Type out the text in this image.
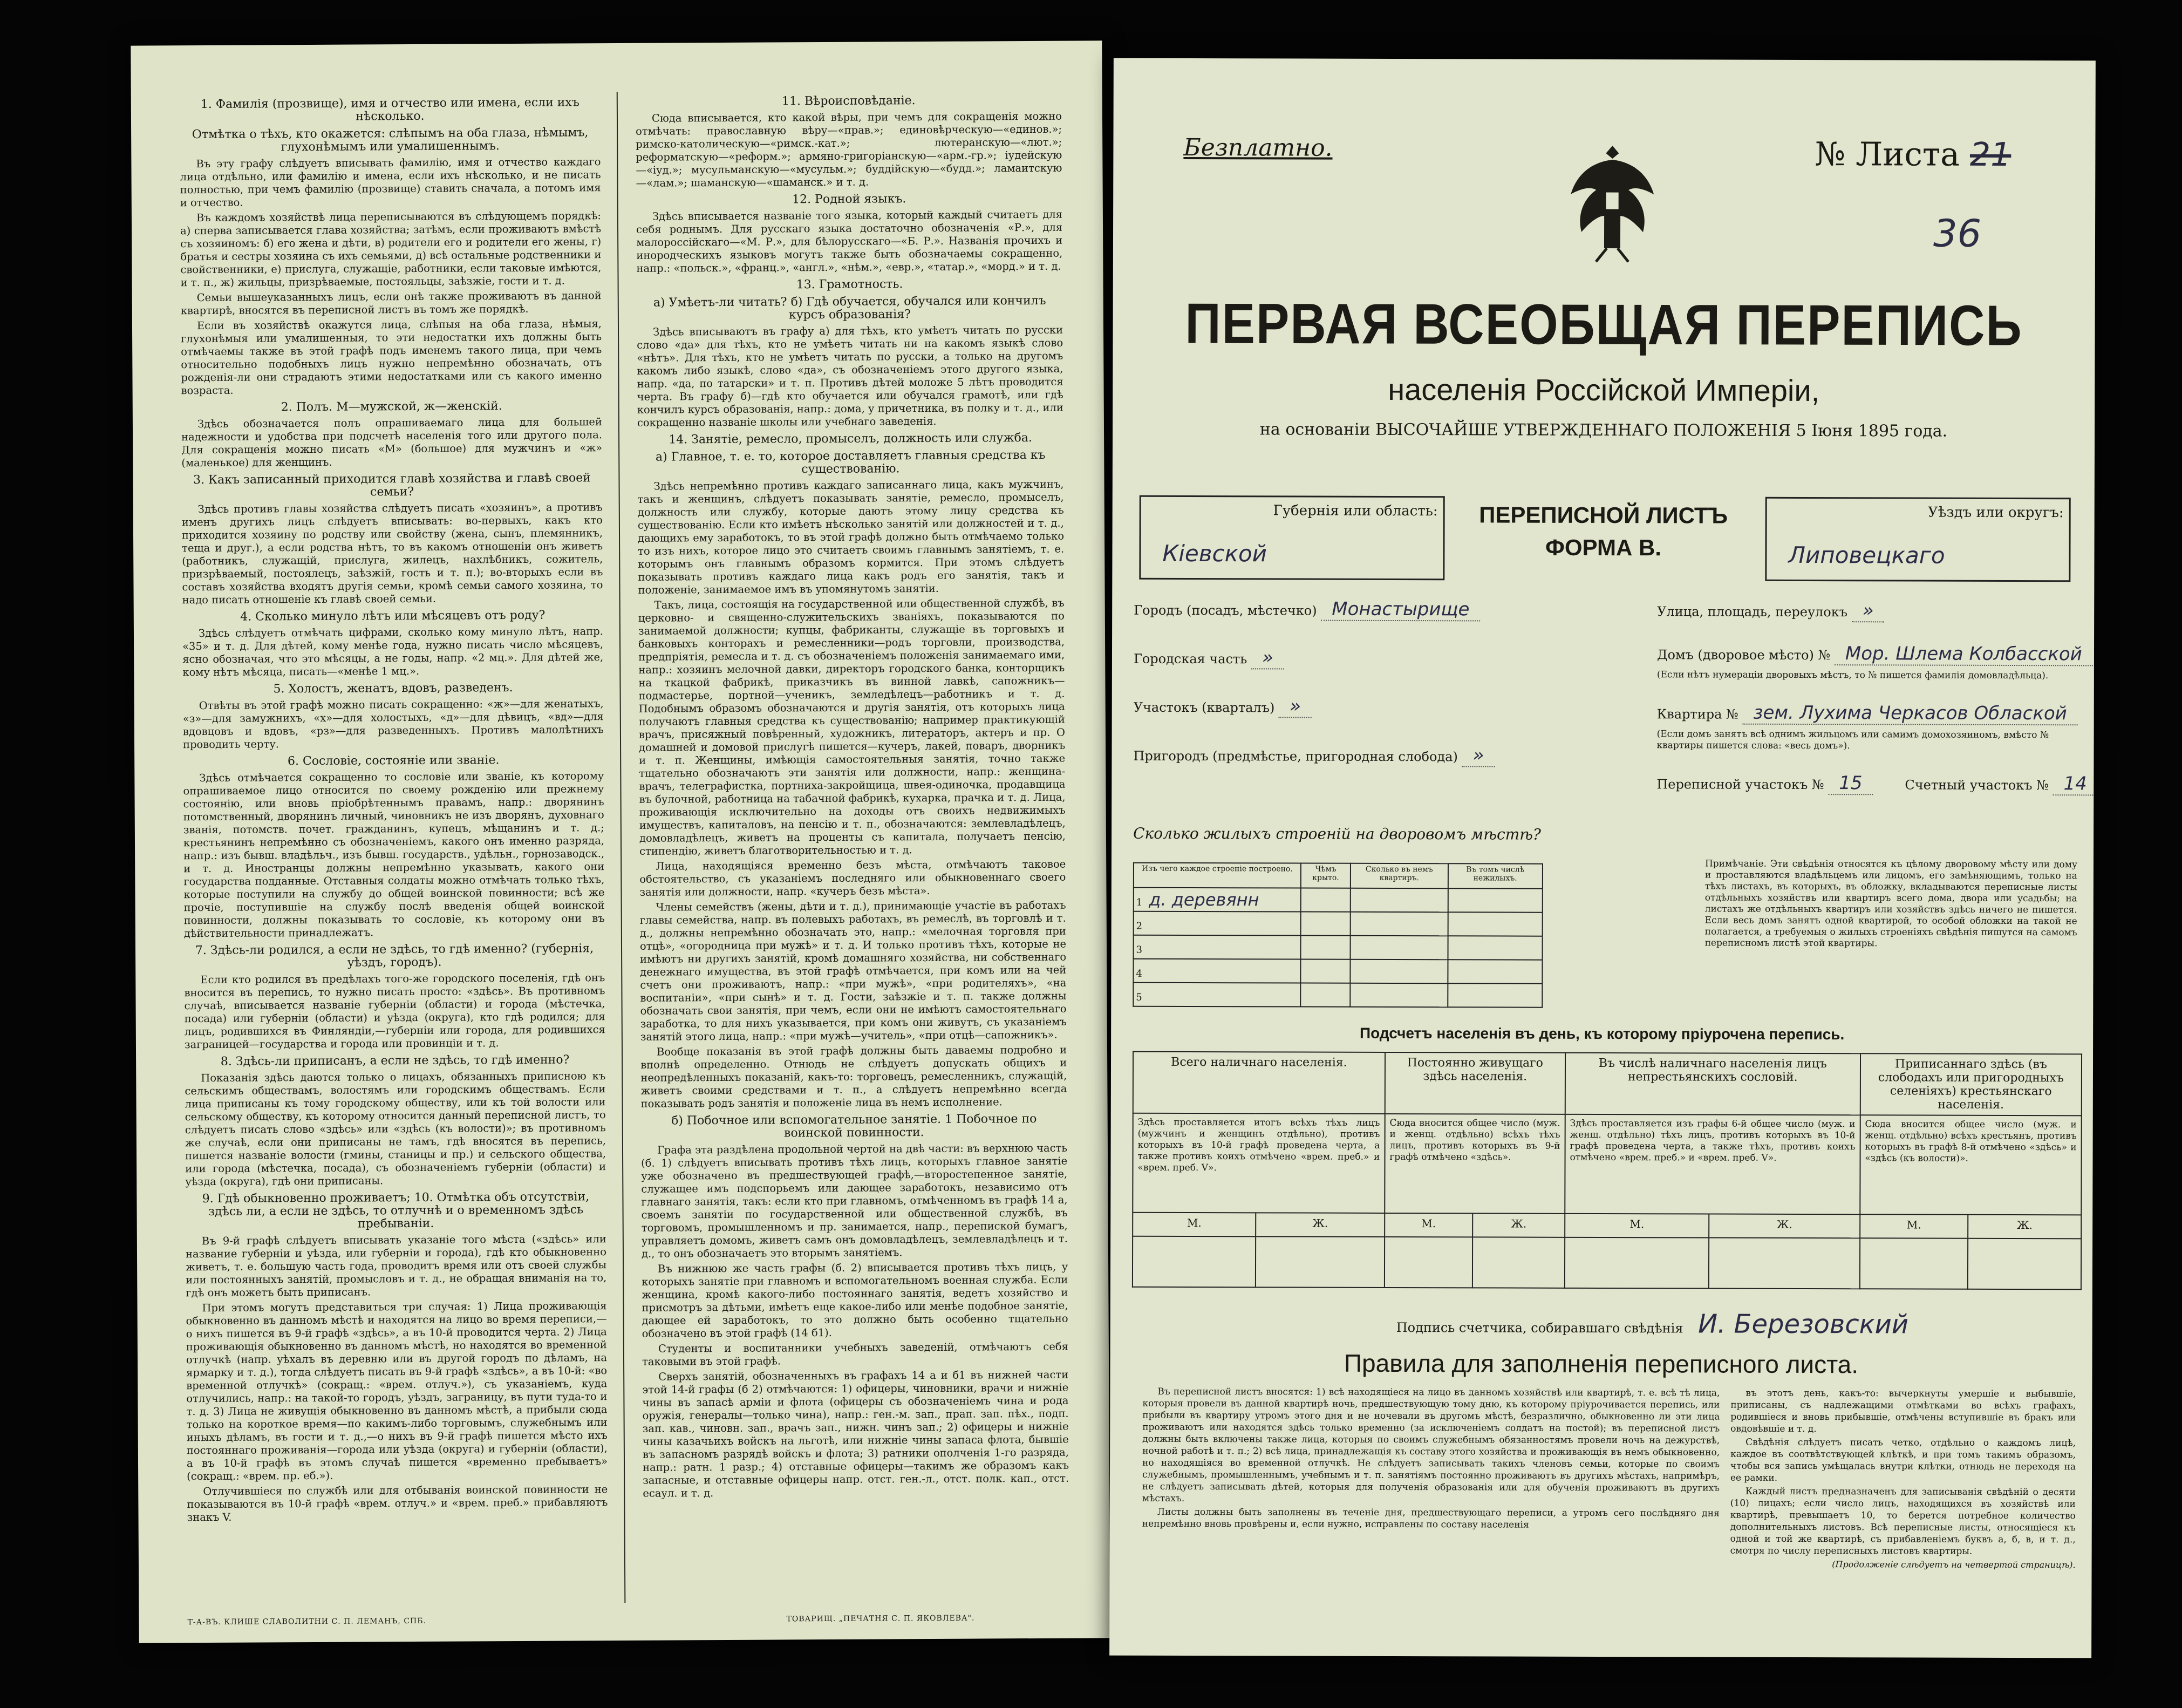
1. Фамилія (прозвище), имя и отчество или имена, если ихъ нѣсколько.
Отмѣтка о тѣхъ, кто окажется: слѣпымъ на оба глаза, нѣмымъ, глухонѣмымъ или умалишеннымъ.

Въ эту графу слѣдуетъ вписывать фамилію, имя и отчество каждаго лица отдѣльно, или фамилію и имена, если ихъ нѣсколько, и не писать полностью, при чемъ фамилію (прозвище) ставить сначала, а потомъ имя и отчество.

Въ каждомъ хозяйствѣ лица переписываются въ слѣдующемъ порядкѣ: а) сперва записывается глава хозяйства; затѣмъ, если проживаютъ вмѣстѣ съ хозяиномъ: б) его жена и дѣти, в) родители его и родители его жены, г) братья и сестры хозяина съ ихъ семьями, д) всѣ остальные родственники и свойственники, е) прислуга, служащіе, работники, если таковые имѣются, и т. п., ж) жильцы, призрѣваемые, постояльцы, заѣзжіе, гости и т. д.

Семьи вышеуказанныхъ лицъ, если онѣ также проживаютъ въ данной квартирѣ, вносятся въ переписной листъ въ томъ же порядкѣ.

Если въ хозяйствѣ окажутся лица, слѣпыя на оба глаза, нѣмыя, глухонѣмыя или умалишенныя, то эти недостатки ихъ должны быть отмѣчаемы также въ этой графѣ подъ именемъ такого лица, при чемъ относительно подобныхъ лицъ нужно непремѣнно обозначать, отъ рожденія-ли они страдаютъ этими недостатками или съ какого именно возраста.

2. Полъ. М—мужской, ж—женскій.

Здѣсь обозначается полъ опрашиваемаго лица для большей надежности и удобства при подсчетѣ населенія того или другого пола. Для сокращенія можно писать «М» (большое) для мужчинъ и «ж» (маленькое) для женщинъ.

3. Какъ записанный приходится главѣ хозяйства и главѣ своей семьи?

Здѣсь противъ главы хозяйства слѣдуетъ писать «хозяинъ», а противъ именъ другихъ лицъ слѣдуетъ вписывать: во-первыхъ, какъ кто приходится хозяину по родству или свойству (жена, сынъ, племянникъ, теща и друг.), а если родства нѣтъ, то въ какомъ отношеніи онъ живетъ (работникъ, служащій, прислуга, жилецъ, нахлѣбникъ, сожитель, призрѣваемый, постоялецъ, заѣзжій, гость и т. п.); во-вторыхъ если въ составъ хозяйства входятъ другія семьи, кромѣ семьи самого хозяина, то надо писать отношеніе къ главѣ своей семьи.

4. Сколько минуло лѣтъ или мѣсяцевъ отъ роду?

Здѣсь слѣдуетъ отмѣчать цифрами, сколько кому минуло лѣтъ, напр. «35» и т. д. Для дѣтей, кому менѣе года, нужно писать число мѣсяцевъ, ясно обозначая, что это мѣсяцы, а не годы, напр. «2 мц.». Для дѣтей же, кому нѣтъ мѣсяца, писать—«менѣе 1 мц.».

5. Холостъ, женатъ, вдовъ, разведенъ.

Отвѣты въ этой графѣ можно писать сокращенно: «ж»—для женатыхъ, «з»—для замужнихъ, «х»—для холостыхъ, «д»—для дѣвицъ, «вд»—для вдовцовъ и вдовъ, «рз»—для разведенныхъ. Противъ малолѣтнихъ проводить черту.

6. Сословіе, состояніе или званіе.

Здѣсь отмѣчается сокращенно то сословіе или званіе, къ которому опрашиваемое лицо относится по своему рожденію или прежнему состоянію, или вновь пріобрѣтеннымъ правамъ, напр.: дворянинъ потомственный, дворянинъ личный, чиновникъ не изъ дворянъ, духовнаго званія, потомств. почет. гражданинъ, купецъ, мѣщанинъ и т. д.; крестьянинъ непремѣнно съ обозначеніемъ, какого онъ именно разряда, напр.: изъ бывш. владѣльч., изъ бывш. государств., удѣльн., горнозаводск., и т. д. Иностранцы должны непремѣнно указывать, какого они государства подданные. Отставныя солдаты можно отмѣчать только тѣхъ, которые поступили на службу до общей воинской повинности; всѣ же прочіе, поступившіе на службу послѣ введенія общей воинской повинности, должны показывать то сословіе, къ которому они въ дѣйствительности принадлежатъ.

7. Здѣсь-ли родился, а если не здѣсь, то гдѣ именно? (губернія, уѣздъ, городъ).

Если кто родился въ предѣлахъ того-же городского поселенія, гдѣ онъ вносится въ перепись, то нужно писать просто: «здѣсь». Въ противномъ случаѣ, вписывается названіе губерніи (области) и города (мѣстечка, посада) или губерніи (области) и уѣзда (округа), кто гдѣ родился; для лицъ, родившихся въ Финляндіи,—губерніи или города, для родившихся заграницей—государства и города или провинціи и т. д.

8. Здѣсь-ли приписанъ, а если не здѣсь, то гдѣ именно?

Показанія здѣсь даются только о лицахъ, обязанныхъ приписною къ сельскимъ обществамъ, волостямъ или городскимъ обществамъ. Если лица приписаны къ тому городскому обществу, или къ той волости или сельскому обществу, къ которому относится данный переписной листъ, то слѣдуетъ писать слово «здѣсь» или «здѣсь (къ волости)»; въ противномъ же случаѣ, если они приписаны не тамъ, гдѣ вносятся въ перепись, пишется названіе волости (гмины, станицы и пр.) и сельского общества, или города (мѣстечка, посада), съ обозначеніемъ губерніи (области) и уѣзда (округа), гдѣ они приписаны.

9. Гдѣ обыкновенно проживаетъ; 10. Отмѣтка объ отсутствіи, здѣсь ли, а если не здѣсь, то отлучнѣ и о временномъ здѣсь пребываніи.

Въ 9-й графѣ слѣдуетъ вписывать указаніе того мѣста («здѣсь» или название губерніи и уѣзда, или губерніи и города), гдѣ кто обыкновенно живетъ, т. е. большую часть года, проводитъ время или отъ своей службы или постоянныхъ занятій, промысловъ и т. д., не обращая вниманія на то, гдѣ онъ можетъ быть приписанъ.

При этомъ могутъ представиться три случая: 1) Лица проживающія обыкновенно въ данномъ мѣстѣ и находятся на лицо во время переписи,—о нихъ пишется въ 9-й графѣ «здѣсь», а въ 10-й проводится черта. 2) Лица проживающія обыкновенно въ данномъ мѣстѣ, но находятся во временной отлучкѣ (напр. уѣхалъ въ деревню или въ другой городъ по дѣламъ, на ярмарку и т. д.), тогда слѣдуетъ писать въ 9-й графѣ «здѣсь», а въ 10-й: «во временной отлучкѣ» (сокращ.: «врем. отлуч.»), съ указаніемъ, куда отлучились, напр.: на такой-то городъ, уѣздъ, заграницу, въ пути туда-то и т. д. 3) Лица не живущія обыкновенно въ данномъ мѣстѣ, а прибыли сюда только на короткое время—по какимъ-либо торговымъ, служебнымъ или иныхъ дѣламъ, въ гости и т. д.,—о нихъ въ 9-й графѣ пишется мѣсто ихъ постояннаго проживанія—города или уѣзда (округа) и губерніи (области), а въ 10-й графѣ въ этомъ случаѣ пишется «временно пребываетъ» (сокращ.: «врем. пр. еб.»).

Отлучившіеся по службѣ или для отбыванія воинской повинности не показываются въ 10-й графѣ «врем. отлуч.» и «врем. преб.» прибавляютъ знакъ V.

11. Вѣроисповѣданіе.

Сюда вписывается, кто какой вѣры, при чемъ для сокращенія можно отмѣчать: православную вѣру—«прав.»; единовѣрческую—«единов.»; римско-католическую—«римск.-кат.»; лютеранскую—«лют.»; реформатскую—«реформ.»; армяно-григоріанскую—«арм.-гр.»; іудейскую—«іуд.»; мусульманскую—«мусульм.»; буддійскую—«будд.»; ламаитскую—«лам.»; шаманскую—«шаманск.» и т. д.

12. Родной языкъ.

Здѣсь вписывается названіе того языка, который каждый считаетъ для себя роднымъ. Для русскаго языка достаточно обозначенія «Р.», для малороссійскаго—«М. Р.», для бѣлорусскаго—«Б. Р.». Названія прочихъ и инородческихъ языковъ могутъ также быть обозначаемы сокращенно, напр.: «польск.», «франц.», «англ.», «нѣм.», «евр.», «татар.», «морд.» и т. д.

13. Грамотность.
а) Умѣетъ-ли читать? б) Гдѣ обучается, обучался или кончилъ курсъ образованія?

Здѣсь вписываютъ въ графу а) для тѣхъ, кто умѣетъ читать по русски слово «да» для тѣхъ, кто не умѣетъ читать ни на какомъ языкѣ слово «нѣтъ». Для тѣхъ, кто не умѣетъ читать по русски, а только на другомъ какомъ либо языкѣ, слово «да», съ обозначеніемъ этого другого языка, напр. «да, по татарски» и т. п. Противъ дѣтей моложе 5 лѣтъ проводится черта. Въ графу б)—гдѣ кто обучается или обучался грамотѣ, или гдѣ кончилъ курсъ образованія, напр.: дома, у причетника, въ полку и т. д., или сокращенно названіе школы или учебнаго заведенія.

14. Занятіе, ремесло, промыселъ, должность или служба.
а) Главное, т. е. то, которое доставляетъ главныя средства къ существованію.

Здѣсь непремѣнно противъ каждаго записаннаго лица, какъ мужчинъ, такъ и женщинъ, слѣдуетъ показывать занятіе, ремесло, промыселъ, должность или службу, которые даютъ этому лицу средства къ существованію. Если кто имѣетъ нѣсколько занятій или должностей и т. д., дающихъ ему заработокъ, то въ этой графѣ должно быть отмѣчаемо только то изъ нихъ, которое лицо это считаетъ своимъ главнымъ занятіемъ, т. е. которымъ онъ главнымъ образомъ кормится. При этомъ слѣдуетъ показывать противъ каждаго лица какъ родъ его занятія, такъ и положеніе, занимаемое имъ въ упомянутомъ занятіи.

Такъ, лица, состоящія на государственной или общественной службѣ, въ церковно- и священно-служительскихъ званіяхъ, показываются по занимаемой должности; купцы, фабриканты, служащіе въ торговыхъ и банковыхъ конторахъ и ремесленники—родъ торговли, производства, предпріятія, ремесла и т. д. съ обозначеніемъ положенія занимаемаго ими, напр.: хозяинъ мелочной давки, директоръ городского банка, конторщикъ на ткацкой фабрикѣ, приказчикъ въ винной лавкѣ, сапожникъ—подмастерье, портной—ученикъ, земледѣлецъ—работникъ и т. д. Подобнымъ образомъ обозначаются и другія занятія, отъ которыхъ лица получаютъ главныя средства къ существованію; например практикующій врачъ, присяжный повѣренный, художникъ, литераторъ, актеръ и пр. О домашней и домовой прислугѣ пишется—кучеръ, лакей, поваръ, дворникъ и т. п. Женщины, имѣющія самостоятельныя занятія, точно также тщательно обозначаютъ эти занятія или должности, напр.: женщина-врачъ, телеграфистка, портниха-закройщица, швея-одиночка, продавщица въ булочной, работница на табачной фабрикѣ, кухарка, прачка и т. д. Лица, проживающія исключительно на доходы отъ своихъ недвижимыхъ имуществъ, капиталовъ, на пенсію и т. п., обозначаются: землевладѣлецъ, домовладѣлецъ, живетъ на проценты съ капитала, получаетъ пенсію, стипендію, живетъ благотворительностью и т. д.

Лица, находящіяся временно безъ мѣста, отмѣчаютъ таковое обстоятельство, съ указаніемъ последняго или обыкновеннаго своего занятія или должности, напр. «кучеръ безъ мѣста».

Члены семействъ (жены, дѣти и т. д.), принимающіе участіе въ работахъ главы семейства, напр. въ полевыхъ работахъ, въ ремеслѣ, въ торговлѣ и т. д., должны непремѣнно обозначать это, напр.: «мелочная торговля при отцѣ», «огородница при мужѣ» и т. д. И только противъ тѣхъ, которые не имѣютъ ни другихъ занятій, кромѣ домашняго хозяйства, ни собственнаго денежнаго имущества, въ этой графѣ отмѣчается, при комъ или на чей счетъ они проживаютъ, напр.: «при мужѣ», «при родителяхъ», «на воспитаніи», «при сынѣ» и т. д. Гости, заѣзжіе и т. п. также должны обозначать свои занятія, при чемъ, если они не имѣютъ самостоятельнаго заработка, то для нихъ указывается, при комъ они живутъ, съ указаніемъ занятій этого лица, напр.: «при мужѣ—учитель», «при отцѣ—сапожникъ».

Вообще показанія въ этой графѣ должны быть даваемы подробно и вполнѣ определенно. Отнюдь не слѣдуетъ допускать общихъ и неопредѣленныхъ показаній, какъ-то: торговецъ, ремесленникъ, служащій, живетъ своими средствами и т. п., а слѣдуетъ непремѣнно всегда показывать родъ занятія и положеніе лица въ немъ исполнение.

б) Побочное или вспомогательное занятіе. 1 Побочное по воинской повинности.

Графа эта раздѣлена продольной чертой на двѣ части: въ верхнюю часть (б. 1) слѣдуетъ вписывать противъ тѣхъ лицъ, которыхъ главное занятіе уже обозначено въ предшествующей графѣ,—второстепенное занятіе, служащее имъ подспорьемъ или дающее заработокъ, независимо отъ главнаго занятія, такъ: если кто при главномъ, отмѣченномъ въ графѣ 14 а, своемъ занятіи по государственной или общественной службѣ, въ торговомъ, промышленномъ и пр. занимается, напр., перепиской бумагъ, управляетъ домомъ, живетъ самъ онъ домовладѣлецъ, землевладѣлецъ и т. д., то онъ обозначаетъ это вторымъ занятіемъ.

Въ нижнюю же часть графы (б. 2) вписывается противъ тѣхъ лицъ, у которыхъ занятіе при главномъ и вспомогательномъ военная служба. Если женщина, кромѣ какого-либо постояннаго занятія, ведетъ хозяйство и присмотръ за дѣтьми, имѣетъ еще какое-либо или менѣе подобное занятіе, дающее ей заработокъ, то это должно быть особенно тщательно обозначено въ этой графѣ (14 б1).

Студенты и воспитанники учебныхъ заведеній, отмѣчаютъ себя таковыми въ этой графѣ.

Сверхъ занятій, обозначенныхъ въ графахъ 14 а и б1 въ нижней части этой 14-й графы (б 2) отмѣчаются: 1) офицеры, чиновники, врачи и нижніе чины въ запасѣ арміи и флота (офицеры съ обозначеніемъ чина и рода оружія, генералы—только чина), напр.: ген.-м. зап., прап. зап. пѣх., подп. зап. кав., чиновн. зап., врачъ зап., нижн. чинъ зап.; 2) офицеры и нижніе чины казачьихъ войскъ на льготѣ, или нижніе чины запаса флота, бывшіе въ запасномъ разрядѣ войскъ и флота; 3) ратники ополченія 1-го разряда, напр.: ратн. 1 разр.; 4) отставные офицеры—такимъ же образомъ какъ запасные, и отставные офицеры напр. отст. ген.-л., отст. полк. кап., отст. есаул. и т. д.

Т-А-ВЪ. КЛИШЕ СЛАВОЛИТНИ С. П. ЛЕМАНЪ, СПБ.	ТОВАРИЩ. „ПЕЧАТНЯ С. П. ЯКОВЛЕВА".
Безплатно.	№ Листа 21
36
ПЕРВАЯ ВСЕОБЩАЯ ПЕРЕПИСЬ
населенія Россійской Имперіи,
на основаніи ВЫСОЧАЙШЕ УТВЕРЖДЕННАГО ПОЛОЖЕНІЯ 5 Іюня 1895 года.
Губернія или область:
Кіевской
ПЕРЕПИСНОЙ ЛИСТЪ
ФОРМА В.
Уѣздъ или округъ:
Липовецкаго
Городъ (посадъ, мѣстечко) Монастырище
Городская часть »
Участокъ (кварталъ) »
Пригородъ (предмѣстье, пригородная слобода) »
Улица, площадь, переулокъ »
Домъ (дворовое мѣсто) № Мор. Шлема Колбасской
(Если нѣтъ нумераціи дворовыхъ мѣстъ, то № пишется фамилія домовладѣльца).
Квартира № зем. Лухима Черкасов Облаской
(Если домъ занятъ всѣ однимъ жильцомъ или самимъ домохозяиномъ, вмѣсто № квартиры пишется слова: «весь домъ»).
Переписной участокъ № 15	Счетный участокъ № 14
Сколько жилыхъ строеній на дворовомъ мѣстѣ?
Изъ чего каждое строеніе построено.	Чѣмъ крыто.	Сколько въ немъ квартиръ.	Въ томъ числѣ нежилыхъ.
1 д. деревянн			
2			
3			
4			
5			
Примѣчаніе. Эти свѣдѣнія относятся къ цѣлому дворовому мѣсту или дому и проставляются владѣльцемъ или лицомъ, его замѣняющимъ, только на тѣхъ листахъ, въ которыхъ, въ обложку, вкладываются переписные листы отдѣльныхъ хозяйствъ или квартиръ всего дома, двора или усадьбы; на листахъ же отдѣльныхъ квартиръ или хозяйствъ здѣсь ничего не пишется. Если весь домъ занятъ одной квартирой, то особой обложки на такой не полагается, а требуемыя о жилыхъ строеніяхъ свѣдѣнія пишутся на самомъ переписномъ листѣ этой квартиры.
Подсчетъ населенія въ день, къ которому пріурочена перепись.
Всего наличнаго населенія.		Постоянно живущаго здѣсь населенія.		Въ числѣ наличнаго населенія лицъ непрестьянскихъ сословій.		Приписаннаго здѣсь (въ слободахъ или пригородныхъ селеніяхъ) крестьянскаго населенія.	
Здѣсь проставляется итогъ всѣхъ тѣхъ лицъ (мужчинъ и женщинъ отдѣльно), противъ которыхъ въ 10-й графѣ проведена черта, а также противъ коихъ отмѣчено «врем. преб.» и «врем. преб. V».		Сюда вносится общее число (муж. и женщ. отдѣльно) всѣхъ тѣхъ лицъ, противъ которыхъ въ 9-й графѣ отмѣчено «здѣсь».		Здѣсь проставляется изъ графы 6-й общее число (муж. и женщ. отдѣльно) тѣхъ лицъ, противъ которыхъ въ 10-й графѣ проведена черта, а также тѣхъ, противъ коихъ отмѣчено «врем. преб.» и «врем. преб. V».		Сюда вносится общее число (муж. и женщ. отдѣльно) всѣхъ крестьянъ, противъ которыхъ въ графѣ 8-й отмѣчено «здѣсь» и «здѣсь (къ волости)».	
М.	Ж.	М.	Ж.	М.	Ж.	М.	Ж.

Подпись счетчика, собиравшаго свѣдѣнія И. Березовский
Правила для заполненія переписного листа.

Въ переписной листъ вносятся: 1) всѣ находящіеся на лицо въ данномъ хозяйствѣ или квартирѣ, т. е. всѣ тѣ лица, которыя провели въ данной квартирѣ ночь, предшествующую тому дню, къ которому пріурочивается перепись, или прибыли въ квартиру утромъ этого дня и не ночевали въ другомъ мѣстѣ, безразлично, обыкновенно ли эти лица проживаютъ или находятся здѣсь только временно (за исключеніемъ солдатъ на постой); въ переписной листъ должны быть включены также лица, которыя по своимъ служебнымъ обязанностямъ провели ночь на дежурствѣ, ночной работѣ и т. п.; 2) всѣ лица, принадлежащія къ составу этого хозяйства и проживающія въ немъ обыкновенно, но находящіяся во временной отлучкѣ. Не слѣдуетъ записывать такихъ членовъ семьи, которые по своимъ служебнымъ, промышленнымъ, учебнымъ и т. п. занятіямъ постоянно проживаютъ въ другихъ мѣстахъ, напримѣръ, не слѣдуетъ записывать дѣтей, которыя для полученія образованія или для обученія проживаютъ въ другихъ мѣстахъ.

Листы должны быть заполнены въ теченіе дня, предшествующаго переписи, а утромъ сего послѣдняго дня непремѣнно вновь провѣрены и, если нужно, исправлены по составу населенія

въ этотъ день, какъ-то: вычеркнуты умершіе и выбывшіе, приписаны, съ надлежащими отмѣтками во всѣхъ графахъ, родившіеся и вновь прибывшіе, отмѣчены вступившіе въ бракъ или овдовѣвшіе и т. д.

Свѣдѣнія слѣдуетъ писать четко, отдѣльно о каждомъ лицѣ, каждое въ соотвѣтствующей клѣткѣ, и при томъ такимъ образомъ, чтобы вся запись умѣщалась внутри клѣтки, отнюдь не переходя на ее рамки.

Каждый листъ предназначенъ для записыванія свѣдѣній о десяти (10) лицахъ; если число лицъ, находящихся въ хозяйствѣ или квартирѣ, превышаетъ 10, то берется потребное количество дополнительныхъ листовъ. Всѣ переписные листы, относящіеся къ одной и той же квартирѣ, съ прибавленіемъ буквъ а, б, в, и т. д., смотря по числу переписныхъ листовъ квартиры.

(Продолженіе слѣдуетъ на четвертой страницѣ).
